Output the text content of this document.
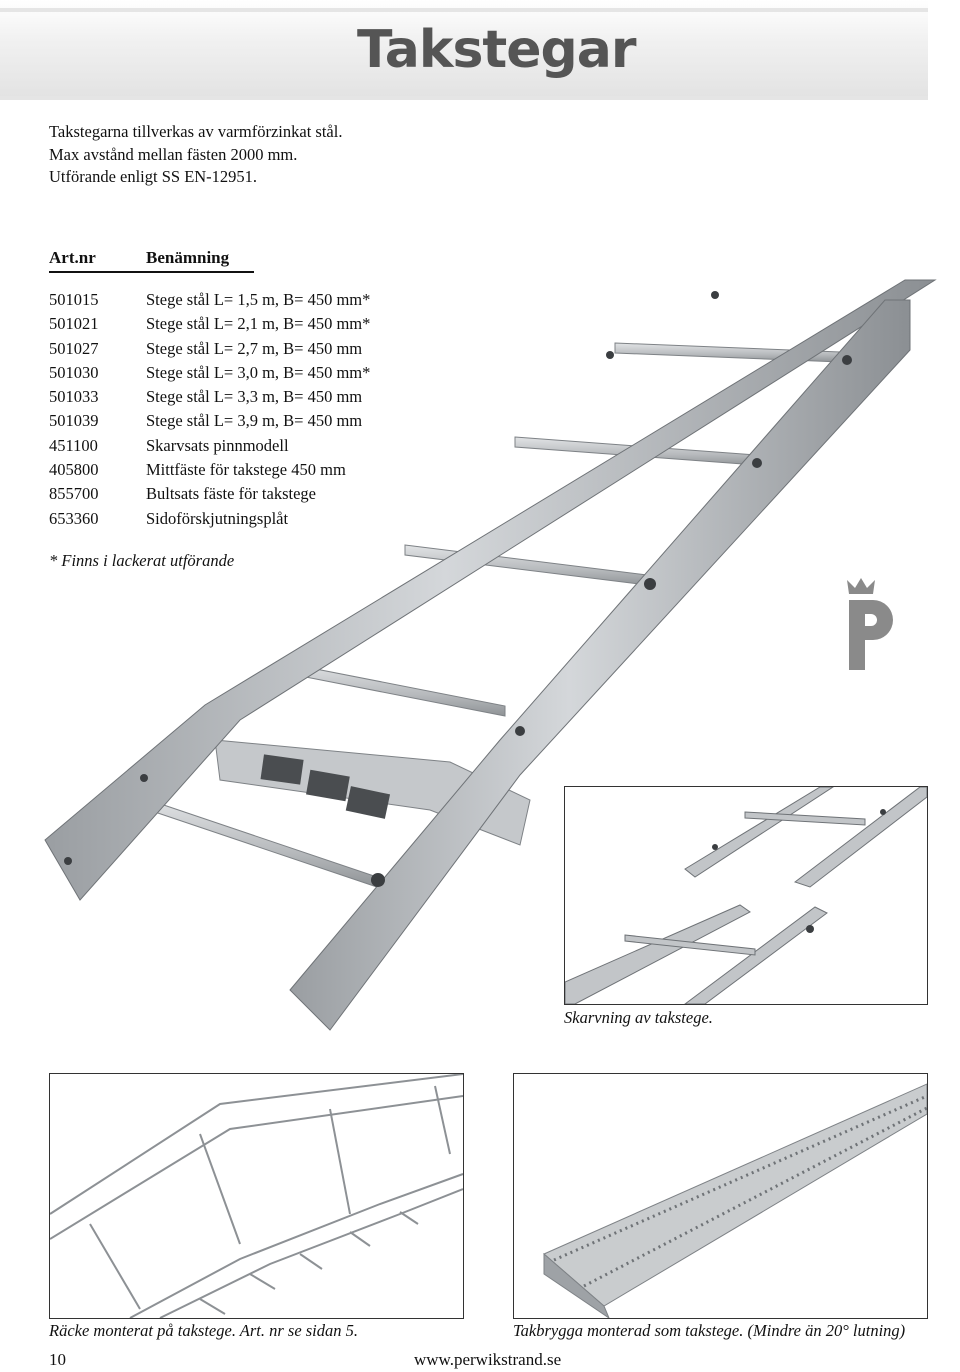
Takstegar
Takstegarna tillverkas av varmförzinkat stål.
Max avstånd mellan fästen 2000 mm.
Utförande enligt SS EN-12951.
Art.nr	Benämning
501015	Stege stål L= 1,5 m, B= 450 mm*
501021	Stege stål L= 2,1 m, B= 450 mm*
501027	Stege stål L= 2,7 m, B= 450 mm
501030	Stege stål L= 3,0 m, B= 450 mm*
501033	Stege stål L= 3,3 m, B= 450 mm
501039	Stege stål L= 3,9 m, B= 450 mm
451100	Skarvsats pinnmodell
405800	Mittfäste för takstege 450 mm
855700	Bultsats fäste för takstege
653360	Sidoförskjutningsplåt
* Finns i lackerat utförande
Skarvning av takstege.
Räcke monterat på takstege. Art. nr se sidan 5.	Takbrygga monterad som takstege. (Mindre än 20° lutning)
10	www.perwikstrand.se
